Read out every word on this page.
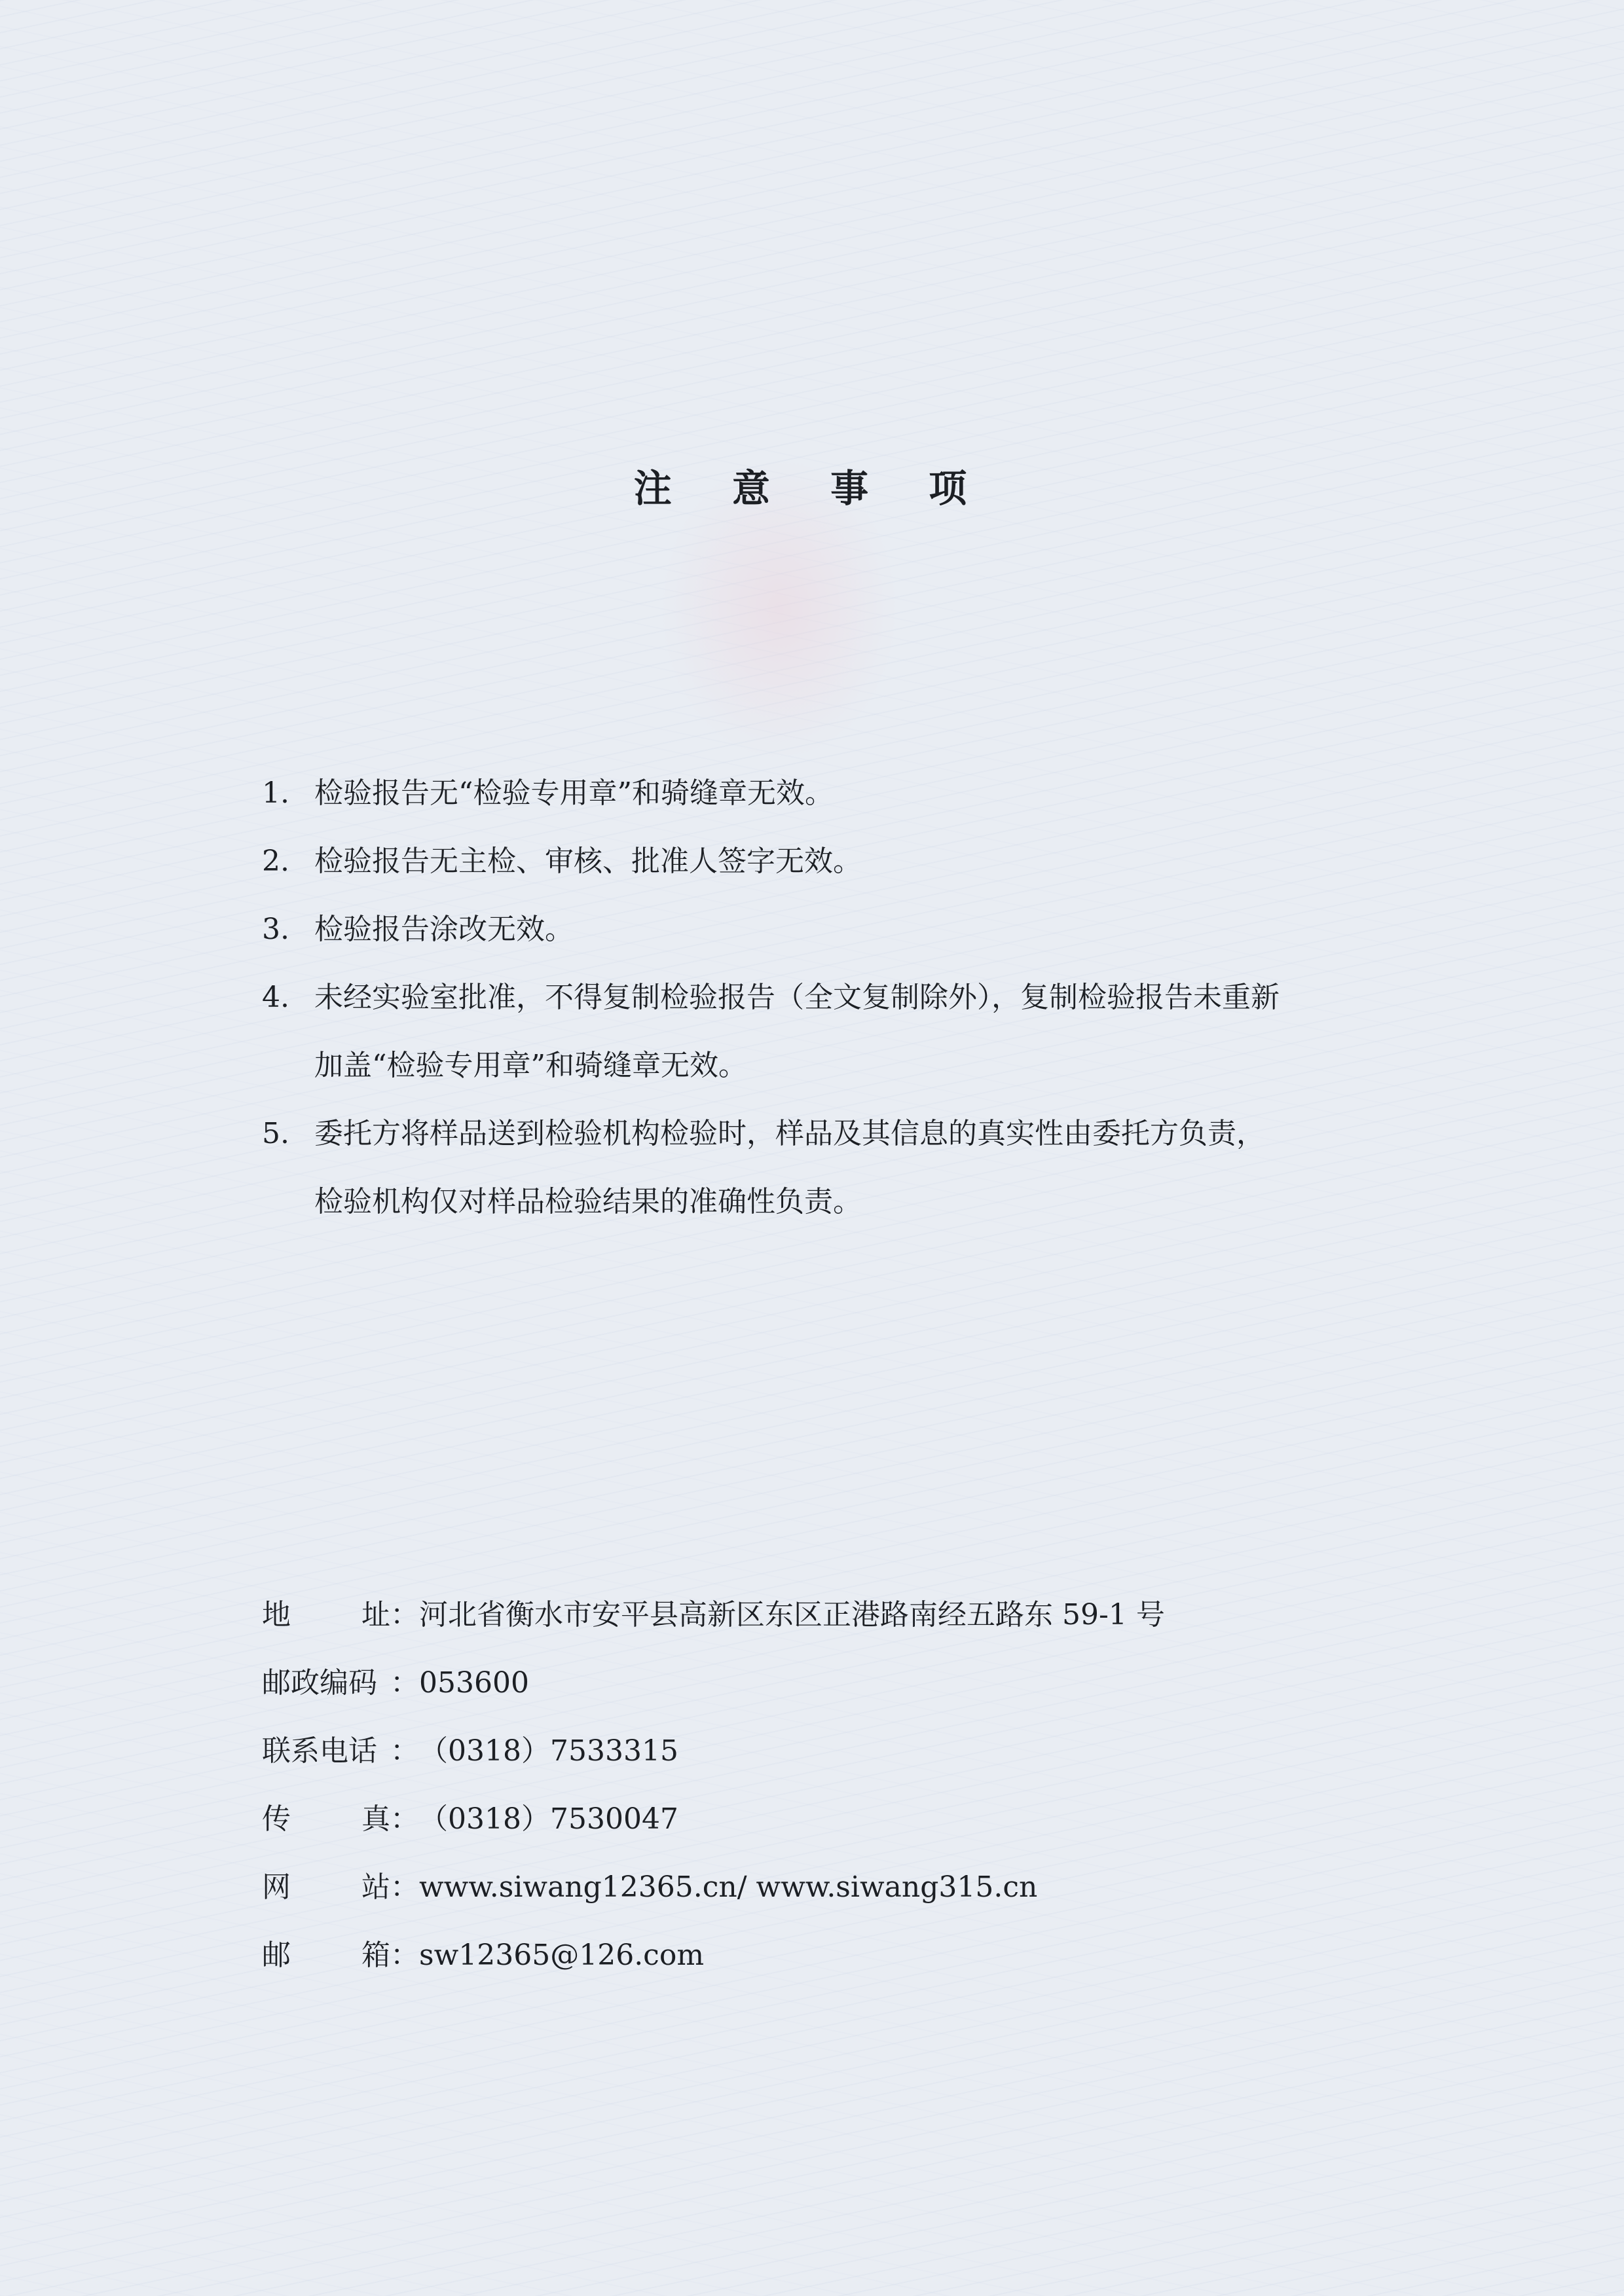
注 意 事 项
1. 检验报告无“检验专用章”和骑缝章无效。
2. 检验报告无主检、审核、批准人签字无效。
3. 检验报告涂改无效。
4. 未经实验室批准，不得复制检验报告（全文复制除外），复制检验报告未重新
加盖“检验专用章”和骑缝章无效。
5. 委托方将样品送到检验机构检验时，样品及其信息的真实性由委托方负责，
检验机构仅对样品检验结果的准确性负责。
地 址： 河北省衡水市安平县高新区东区正港路南经五路东 59-1 号
邮政编码 ： 053600
联系电话 ： （0318）7533315
传 真： （0318）7530047
网 站： www.siwang12365.cn/ www.siwang315.cn
邮 箱： sw12365@126.com
